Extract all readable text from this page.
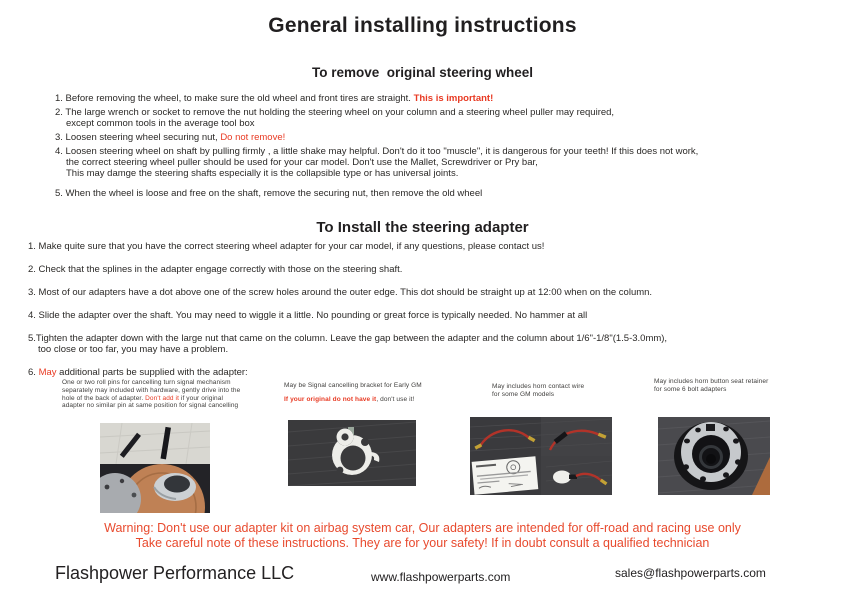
General installing instructions
To remove  original steering wheel
1. Before removing the wheel, to make sure the old wheel and front tires are straight. This is important!
2. The large wrench or socket to remove the nut holding the steering wheel on your column and a steering wheel puller may required,
except common tools in the average tool box
3. Loosen steering wheel securing nut, Do not remove!
4. Loosen steering wheel on shaft by pulling firmly , a little shake may helpful. Don't do it too "muscle", it is dangerous for your teeth! If this does not work,
the correct steering wheel puller should be used for your car model. Don't use the Mallet, Screwdriver or Pry bar,
This may damge the steering shafts especially it is the collapsible type or has universal joints.
5. When the wheel is loose and free on the shaft, remove the securing nut, then remove the old wheel
To Install the steering adapter
1. Make quite sure that you have the correct steering wheel adapter for your car model, if any questions, please contact us!
2. Check that the splines in the adapter engage correctly with those on the steering shaft.
3. Most of our adapters have a dot above one of the screw holes around the outer edge. This dot should be straight up at 12:00 when on the column.
4. Slide the adapter over the shaft. You may need to wiggle it a little. No pounding or great force is typically needed. No hammer at all
5.Tighten the adapter down with the large nut that came on the column. Leave the gap between the adapter and the column about 1/6"-1/8"(1.5-3.0mm),
too close or too far, you may have a problem.
6. May additional parts be supplied with the adapter:
One or two roll pins for cancelling turn signal mechanism
separately may included with hardware, gently drive into the
hole of the back of adapter. Don't add it if your original
adapter no similar pin at same position for signal cancelling
May be Signal cancelling bracket for Early GM
If your original do not have it, don't use it!
May includes horn contact wire
for some GM models
May includes horn button seat retainer
for some 6 bolt adapters
Warning: Don't use our adapter kit on airbag system car, Our adapters are intended for off-road and racing use only
Take careful note of these instructions. They are for your safety! If in doubt consult a qualified technician
Flashpower Performance LLC	www.flashpowerparts.com	sales@flashpowerparts.com
